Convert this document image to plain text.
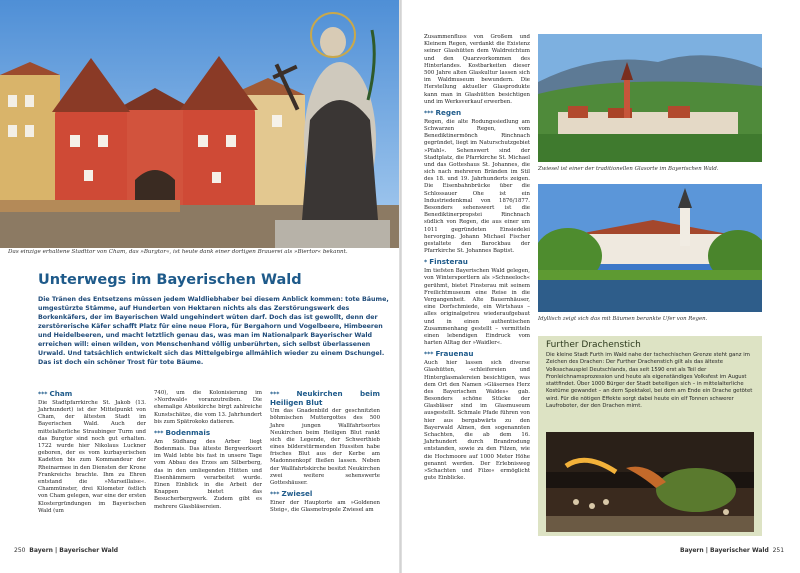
Das einzige erhaltene Stadttor von Cham, das »Burgtor«, ist heute dank einer dortigen Brauerei als »Biertor« bekannt.
Unterwegs im Bayerischen Wald

Die Tränen des Entsetzens müssen jedem Waldliebhaber bei diesem Anblick kommen: tote Bäume, umgestürzte Stämme, auf Hunderten von Hektaren nichts als das Zerstörungswerk des Borkenkäfers, der im Bayerischen Wald ungehindert wüten darf. Doch das ist gewollt, denn der zerstörerische Käfer schafft Platz für eine neue Flora, für Bergahorn und Vogelbeere, Himbeeren und Heidelbeeren, und macht letztlich genau das, was man im Nationalpark Bayerischer Wald erreichen will: einen wilden, von Menschenhand völlig unberührten, sich selbst überlassenen Urwald. Und tatsächlich entwickelt sich das Mittelgebirge allmählich wieder zu einem Dschungel. Das ist doch ein schöner Trost für tote Bäume.

*** Cham

Die Stadtpfarrkirche St. Jakob (13. Jahrhundert) ist der Mittelpunkt von Cham, der ältesten Stadt im Bayerischen Wald. Auch der mittelalterliche Straubinger Turm und das Burgtor sind noch gut erhalten. 1722 wurde hier Nikolaus Luckner geboren, der es vom kurbayerischen Kadetten bis zum Kommandeur der Rheinarmee in den Diensten der Krone Frankreichs brachte. Ihm zu Ehren entstand die »Marseillaise«. Chammünster, drei Kilometer östlich von Cham gelegen, war eine der ersten Klostergründungen im Bayerischen Wald (um

740), um die Kolonisierung im »Nordwald« voranzutreiben. Die ehemalige Abteikirche birgt zahlreiche Kunstschätze, die vom 13. Jahrhundert bis zum Spätrokoko datieren.

*** Bodenmais

Am Südhang des Arber liegt Bodenmais. Das älteste Bergwerksort im Wald lebte bis fast in unsere Tage vom Abbau des Erzes am Silberberg, das in den umliegenden Hütten und Eisenhämmern verarbeitet wurde. Einen Einblick in die Arbeit der Knappen bietet das Besucherbergwerk. Zudem gibt es mehrere Glasbläsereien.

*** Neukirchen beim Heiligen Blut

Um das Gnadenbild der geschnitzten böhmischen Muttergottes des 500 Jahre jungen Wallfahrtsortes Neukirchen beim Heiligen Blut rankt sich die Legende, der Schwerthieb eines bilderstürmenden Hussiten habe frisches Blut aus der Kerbe am Madonnenkopf fließen lassen. Neben der Wallfahrtskirche besitzt Neukirchen zwei weitere sehenswerte Gotteshäuser.

*** Zwiesel

Einer der Hauptorte am »Goldenen Steig«, die Glasmetropole Zwiesel am

250 Bayern | Bayerischer Wald

Zusammenfluss von Großem und Kleinem Regen, verdankt die Existenz seiner Glashütten dem Waldreichtum und den Quarzvorkommen des Hinterlandes. Kostbarkeiten dieser 500 Jahre alten Glaskultur lassen sich im Waldmuseum bewundern. Die Herstellung aktueller Glasprodukte kann man in Glashütten besichtigen und im Werksverkauf erwerben.

*** Regen

Regen, die alte Rodungssiedlung am Schwarzen Regen, vom Benediktinermönch Rinchnach gegründet, liegt im Naturschutzgebiet »Pfahl«. Sehenswert sind der Stadtplatz, die Pfarrkirche St. Michael und das Gotteshaus St. Johannes, die sich nach mehreren Bränden im Stil des 18. und 19. Jahrhunderts zeigen. Die Eisenbahnbrücke über die Schlossauer Ohe ist ein Industriedenkmal von 1876/1877. Besonders sehenswert ist die Benediktinerpropstei Rinchnach südlich von Regen, die aus einer um 1011 gegründeten Einsiedelei hervorging. Johann Michael Fischer gestaltete den Barockbau der Pfarrkirche St. Johannes Baptist.

* Finsterau

Im tiefsten Bayerischen Wald gelegen, von Wintersportlern als »Schneeloch« gerühmt, bietet Finsterau mit seinem Freilichtmuseum eine Reise in die Vergangenheit. Alte Bauernhäuser, eine Dorfschmiede, ein Wirtshaus – alles originalgetreu wiederaufgebaut und in einen authentischen Zusammenhang gestellt – vermitteln einen lebendigen Eindruck vom harten Alltag der »Waidler«.

*** Frauenau

Auch hier lassen sich diverse Glashütten, -schleifereien und Hinterglasmalereien besichtigen, was dem Ort den Namen »Gläsernes Herz des Bayerischen Waldes« gab. Besonders schöne Stücke der Glasbläser sind im Glasmuseum ausgestellt. Schmale Pfade führen von hier aus bergabwärts zu den Bayerwald Almen, den sogenannten Schachten, die ab dem 16. Jahrhundert durch Brandrodung entstanden, sowie zu den Filzen, wie die Hochmoore auf 1000 Meter Höhe genannt werden. Der Erlebnisweg »Schachten und Filze« ermöglicht gute Einblicke.

Zwiesel ist einer der traditionellen Glasorte im Bayerischen Wald.
Idyllisch zeigt sich das mit Bäumen berankte Ufer von Regen.
Further Drachenstich

Die kleine Stadt Furth im Wald nahe der tschechischen Grenze steht ganz im Zeichen des Drachen: Der Further Drachenstich gilt als das älteste Volksschauspiel Deutschlands, das seit 1590 erst als Teil der Fronleichnamsprozession und heute als eigenständiges Volksfest im August stattfindet. Über 1000 Bürger der Stadt beteiligen sich – in mittelalterliche Kostüme gewandet – an dem Spektakel, bei dem am Ende ein Drache getötet wird. Für die nötigen Effekte sorgt dabei heute ein elf Tonnen schwerer Laufroboter, der den Drachen mimt.

Bayern | Bayerischer Wald 251
